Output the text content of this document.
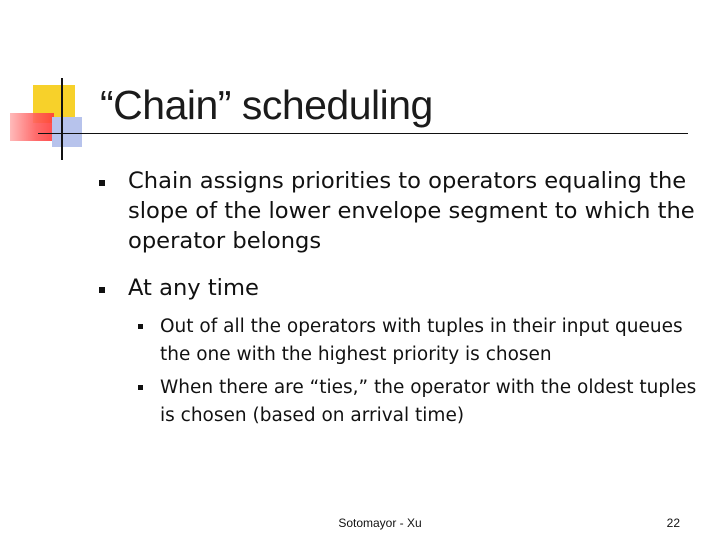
“Chain” scheduling
Chain assigns priorities to operators equaling the slope of the lower envelope segment to which the operator belongs
At any time
Out of all the operators with tuples in their input queues the one with the highest priority is chosen
When there are “ties,” the operator with the oldest tuples is chosen (based on arrival time)
Sotomayor - Xu	22
